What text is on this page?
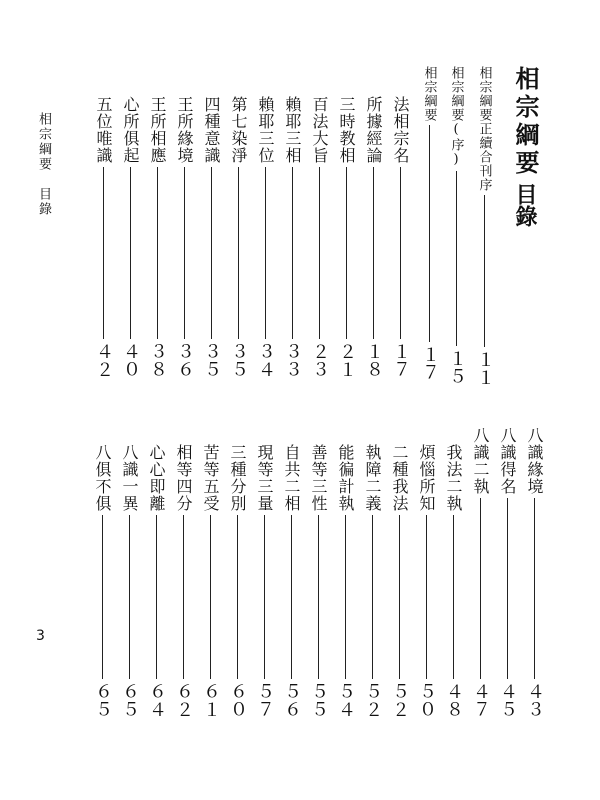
相宗綱要　目錄
3
相宗綱要
目錄
相宗綱要正續合刊序
１１
相宗綱要(序)
１５
相宗綱要
１７
法相宗名
１７
所據經論
１８
三時教相
２１
百法大旨
２３
賴耶三相
３３
賴耶三位
３４
第七染淨
３５
四種意識
３５
王所緣境
３６
王所相應
３８
心所俱起
４０
五位唯識
４２
八識緣境
４３
八識得名
４５
八識二執
４７
我法二執
４８
煩惱所知
５０
二種我法
５２
執障二義
５２
能徧計執
５４
善等三性
５５
自共二相
５６
現等三量
５７
三種分別
６０
苦等五受
６１
相等四分
６２
心心即離
６４
八識一異
６５
八俱不俱
６５
